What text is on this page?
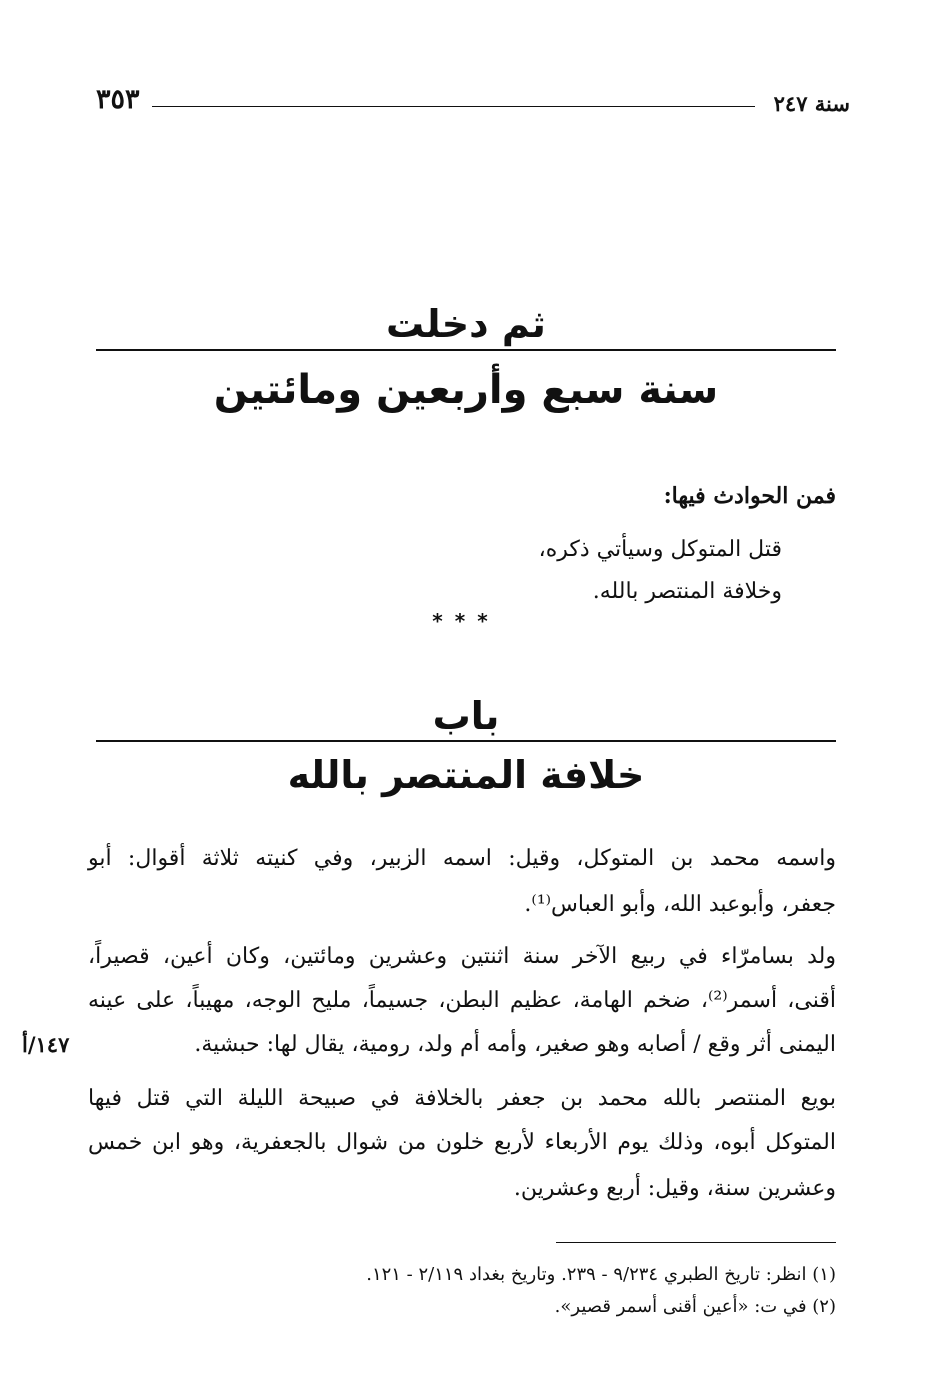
٣٥٣	سنة ٢٤٧
ثم دخلت
سنة سبع وأربعين ومائتين
فمن الحوادث فيها:
قتل المتوكل وسيأتي ذكره،
وخلافة المنتصر بالله.
***
باب
خلافة المنتصر بالله
واسمه محمد بن المتوكل، وقيل: اسمه الزبير، وفي كنيته ثلاثة أقوال: أبو
جعفر، وأبوعبد الله، وأبو العباس⁽¹⁾.
ولد بسامرّاء في ربيع الآخر سنة اثنتين وعشرين ومائتين، وكان أعين، قصيراً،
أقنى، أسمر⁽²⁾، ضخم الهامة، عظيم البطن، جسيماً، مليح الوجه، مهيباً، على عينه
اليمنى أثر وقع / أصابه وهو صغير، وأمه أم ولد، رومية، يقال لها: حبشية.
١٤٧/أ
بويع المنتصر بالله محمد بن جعفر بالخلافة في صبيحة الليلة التي قتل فيها
المتوكل أبوه، وذلك يوم الأربعاء لأربع خلون من شوال بالجعفرية، وهو ابن خمس
وعشرين سنة، وقيل: أربع وعشرين.
(١) انظر: تاريخ الطبري ٩/٢٣٤ - ٢٣٩. وتاريخ بغداد ٢/١١٩ - ١٢١.
(٢) في ت: «أعين أقنى أسمر قصير».
